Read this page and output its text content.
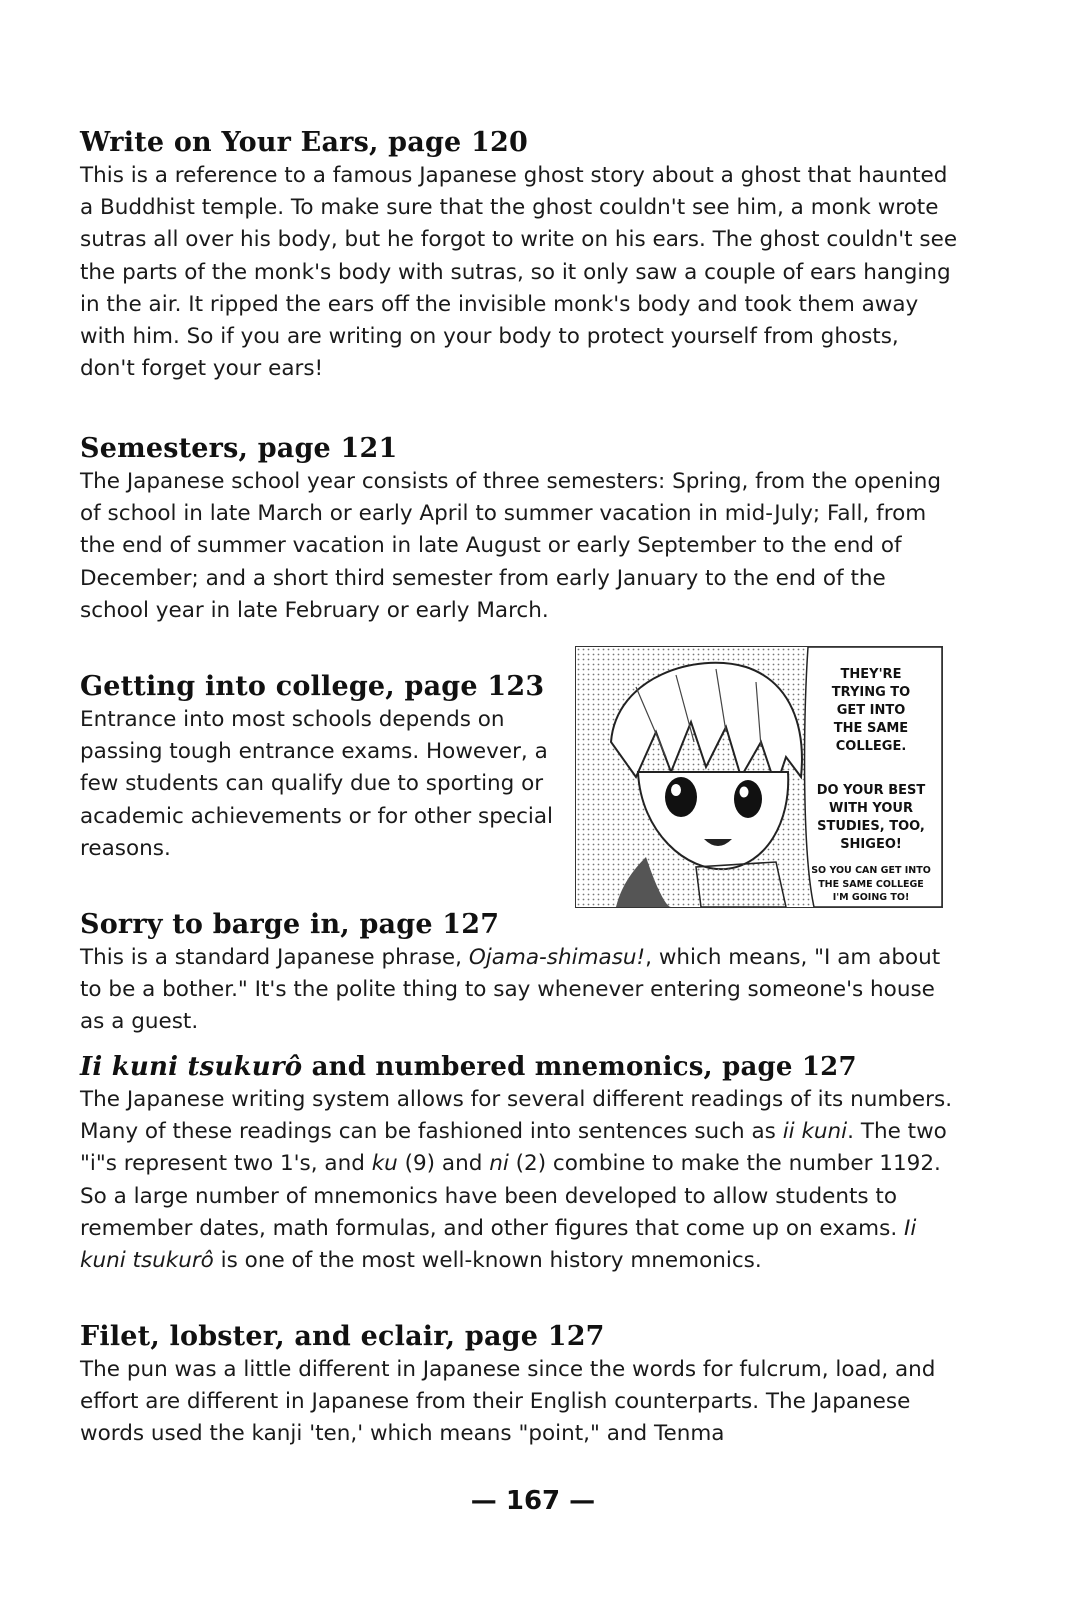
Write on Your Ears, page 120

This is a reference to a famous Japanese ghost story about a ghost that haunted a Buddhist temple. To make sure that the ghost couldn't see him, a monk wrote sutras all over his body, but he forgot to write on his ears. The ghost couldn't see the parts of the monk's body with sutras, so it only saw a couple of ears hanging in the air. It ripped the ears off the invisible monk's body and took them away with him. So if you are writing on your body to protect yourself from ghosts, don't forget your ears!

Semesters, page 121

The Japanese school year consists of three semesters: Spring, from the opening of school in late March or early April to summer vacation in mid-July; Fall, from the end of summer vacation in late August or early September to the end of December; and a short third semester from early January to the end of the school year in late February or early March.

Getting into college, page 123

Entrance into most schools depends on passing tough entrance exams. However, a few students can qualify due to sporting or academic achievements or for other special reasons.

THEY'RE
TRYING TO
GET INTO
THE SAME
COLLEGE.
DO YOUR BEST
WITH YOUR
STUDIES, TOO,
SHIGEO!
SO YOU CAN GET INTO
THE SAME COLLEGE
I'M GOING TO!
Sorry to barge in, page 127

This is a standard Japanese phrase, Ojama-shimasu!, which means, "I am about to be a bother." It's the polite thing to say whenever entering someone's house as a guest.

Ii kuni tsukurô and numbered mnemonics, page 127

The Japanese writing system allows for several different readings of its numbers. Many of these readings can be fashioned into sentences such as ii kuni. The two "i"s represent two 1's, and ku (9) and ni (2) combine to make the number 1192. So a large number of mnemonics have been developed to allow students to remember dates, math formulas, and other figures that come up on exams. Ii kuni tsukurô is one of the most well-known history mnemonics.

Filet, lobster, and eclair, page 127

The pun was a little different in Japanese since the words for fulcrum, load, and effort are different in Japanese from their English counterparts. The Japanese words used the kanji 'ten,' which means "point," and Tenma

— 167 —
